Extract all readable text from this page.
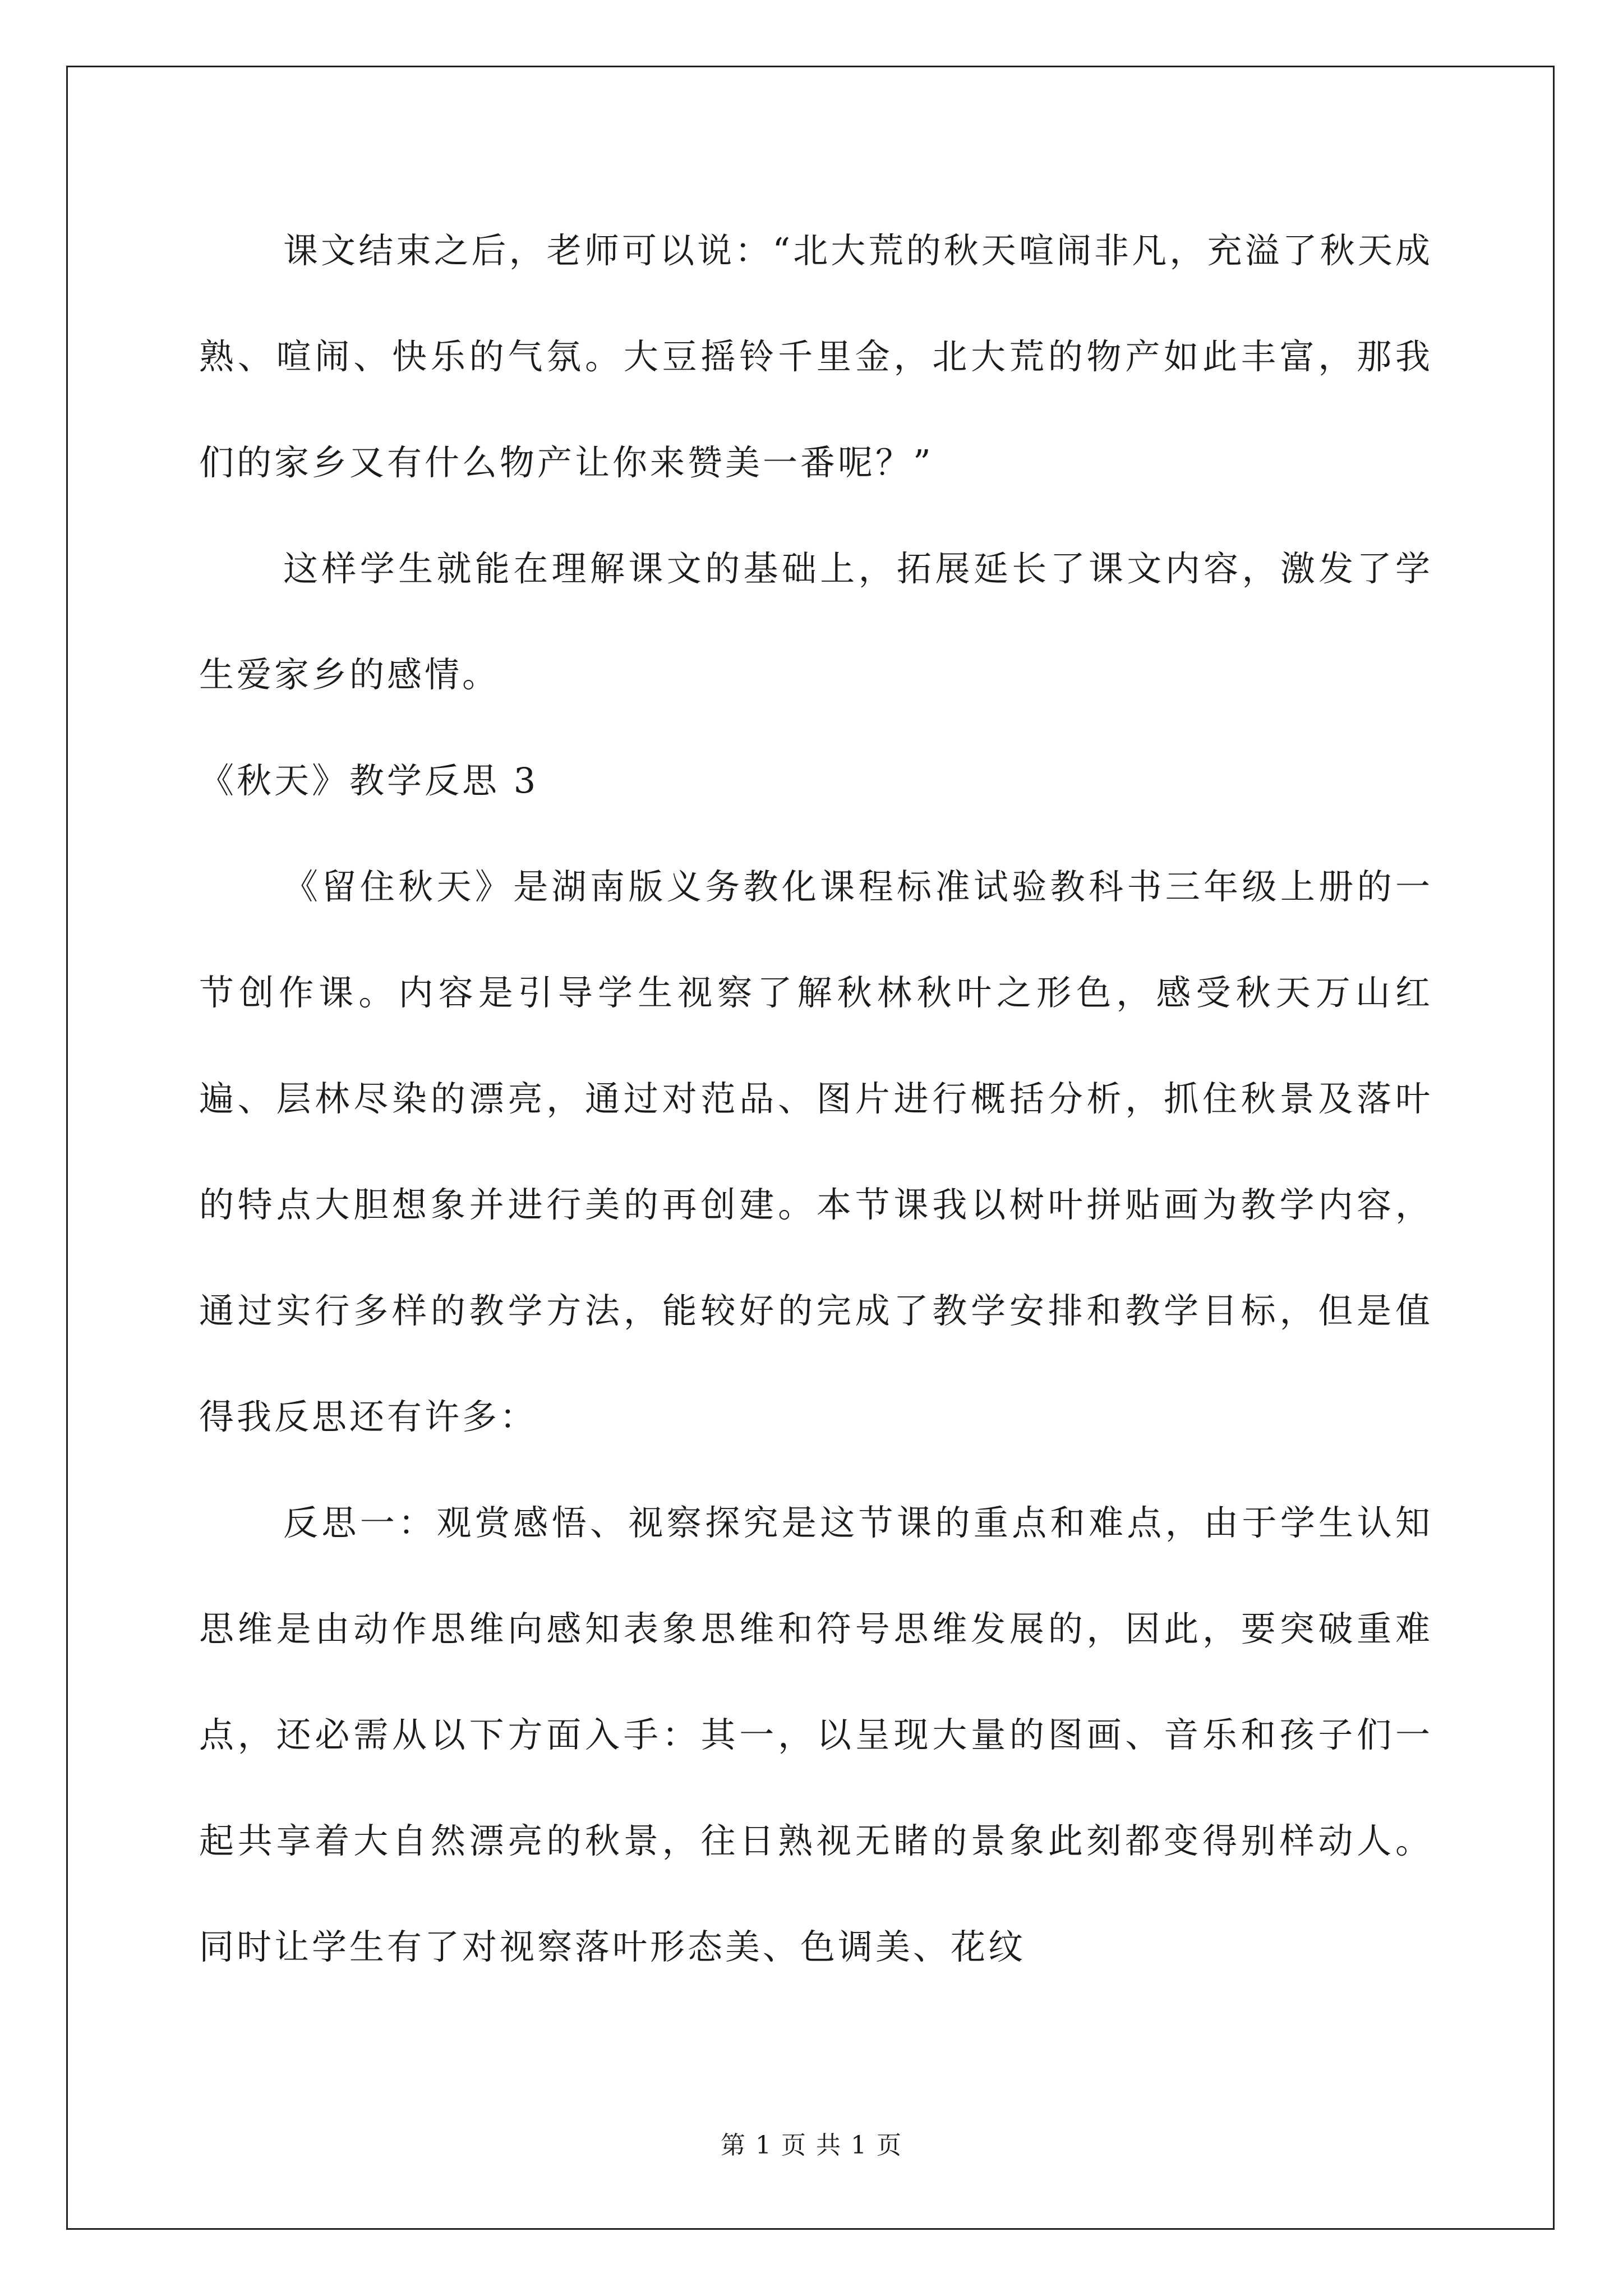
课文结束之后，老师可以说：“北大荒的秋天喧闹非凡，充溢了秋天成熟、喧闹、快乐的气氛。大豆摇铃千里金，北大荒的物产如此丰富，那我们的家乡又有什么物产让你来赞美一番呢？”

这样学生就能在理解课文的基础上，拓展延长了课文内容，激发了学生爱家乡的感情。

《秋天》教学反思 3

《留住秋天》是湖南版义务教化课程标准试验教科书三年级上册的一节创作课。内容是引导学生视察了解秋林秋叶之形色，感受秋天万山红遍、层林尽染的漂亮，通过对范品、图片进行概括分析，抓住秋景及落叶的特点大胆想象并进行美的再创建。本节课我以树叶拼贴画为教学内容，通过实行多样的教学方法，能较好的完成了教学安排和教学目标，但是值得我反思还有许多：

反思一：观赏感悟、视察探究是这节课的重点和难点，由于学生认知思维是由动作思维向感知表象思维和符号思维发展的，因此，要突破重难点，还必需从以下方面入手：其一，以呈现大量的图画、音乐和孩子们一起共享着大自然漂亮的秋景，往日熟视无睹的景象此刻都变得别样动人。同时让学生有了对视察落叶形态美、色调美、花纹

第 1 页 共 1 页
